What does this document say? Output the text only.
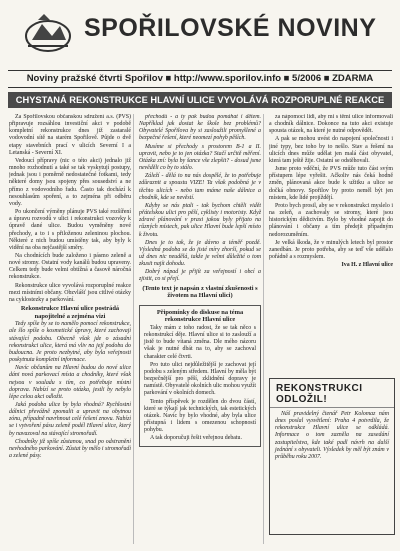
SPOŘILOVSKÉ NOVINY
Noviny pražské čtvrti Spořilov ■ http://www.sporilov.info ■ 5/2006 ■ ZDARMA
CHYSTANÁ REKONSTRUKCE HLAVNÍ ULICE VYVOLÁVÁ ROZPORUPLNÉ REAKCE

Za Spořilovskou občanskou sdružení a.s. (PVS) připravuje rozsáhlou investiční akci v podobě kompletní rekonstrukce dnes již zastaralé vodovodní sítě na starém Spořilově. Půjde o dvě etapy stavebních prací v ulicích Severní I a Letanská - Severní XI.

Vedoucí přípravy (nic o této akci) jednalo již mnoho rozhodnutí a také se tak vyskytují postupy, jednak jsou i poměrně nedostatečné fotkami, tedy některé domy jsou spojeny přes sousedství a ne přímo z vodovodního řadu. Často tak dochází k nesouhlasům spoření, a to zejména při odběru vody.

Po ukončení výměny plánuje PVS také rozšíření a úpravu rozvodů v ulici i rekonstrukci vozovky k úpravě dané ulice. Budou vyměněny nové přechody, a to i s přiloženou zeleninou plochou. Některé z nich budou umístěny tak, aby byly k vidění na oba nejčastější směry.

Na chodnících bude založeno i pásmo zeleně a nové stromy. Ostatní vody kanálů budou upraveny. Celkem tedy bude velmi obtížná a časově náročná rekonstrukce.

Rekonstrukce ulice vyvolává rozporuplné reakce mezi místními občany. Obzvlášť jsou citlivé otázky na cyklostezky a parkování.

Rekonstrukce Hlavní ulice postrádá napojitelné a zejména vizi

Tedy spíše by se to namělo pomocí rekonstrukce, ale šlo spíše o kosmetické úpravy, které zachovají stávající podobu. Obecně však jde o zásadní rekonstrukci ulice, která má vliv na její podobu do budoucna. Je proto nezbytné, aby byla veřejnosti poskytnuta kompletní informace.

Navíc občanům na Hlavní budou do nové ulice dáni nová parkovací místa a chodníky, které však nejsou v souladu s tím, co potřebuje místní doprava. Nabízí se proto otázka, jestli by nebylo lépe celou akci odložit.

Jaká podoba ulice by byla vhodná? Rychlostní dálnici převážně zpomalit a upravit na obytnou zónu, případně navrhnout celé řešení znovu. Nabízí se i vytvoření pásu zeleně podél Hlavní ulice, který by navazoval na stávající stromořadí.

Chodníky již spíše zůstanou, snad po odstranění nevhodného parkování. Zůstat by mělo i stromořadí a zelené pásy.

přechodů - a ty pak budou pomáhat i dětem. Například jak dostat ke škole bez problémů? Obyvatelé Spořilova by si zasloužili promyšlené a bezpečné řešení, které neomezí pohyb pěších.

Musíme si přechody s prostorem B-1 a II. upravit, nebo je to jen otázka? Stačí určitě měření. Otázka zní: byla by šance vše zlepšit? - dosud jsme nevěděli co by to stálo.

Záleží - dělá to na nás dospělé, že to potřebuje zdůraznit a spoustu VIZE! Ta však podobná je v těchto ulicích - nebo tam máme naše dálnice a chodník, kde se nevěstí.

Kdyby se nás ptali - tak bychom chtěli vidět přátelskou ulici pro pěší, cyklisty i motoristy. Když zdravé plánování v praxi jakou byly přijato na různých místech, pak ulice Hlavní bude lepší místo k životu.

Dnes je to tak, že je dávno a téměř pozdě. Výsledná podoba se do jisté míry zhorší, pokud se už dnes nic neudělá, takže je velmi důležité o tom zkusit najít dohodu.

Dobrý nápad je přijít za veřejností i obcí a zjistit, co si přejí.

(Tento text je napsán z vlastní zkušenosti s životem na Hlavní ulici)

Připomínky do diskuse na téma rekonstrukce Hlavní ulice

Taky mám z toho radost, že se tak něco s rekonstrukcí děje. Hlavní ulice si to zaslouží a jistě to bude vítaná změna. Dle mého názoru však je nutné dbát na to, aby se zachoval charakter celé čtvrti.

Pro tuto ulici nejdůležitější je zachovat její podobu s zeleným středem. Hlavní by měla být bezpečnější pro pěší, zklidnění dopravy je namístě. Obyvatelé okolních ulic mohou využít parkování v okolních domech.

Tento příspěvek je rozdělen do dvou částí, které se týkají jak technických, tak estetických otázek. Navíc by bylo vhodné, aby byla ulice přístupná i lidem s omezenou schopností pohybu.

A tak doporučuji řešit veřejnou debatu.

za nápomoci lidi, aby mi s těmi ulice informovali a chodník dálnice. Dokonce na tuto akci existuje spousta otázek, na které je nutné odpovědět.

A pak se mohou uvést do napojení společnosti i jiné typy, bez toho by to nešlo. Stav a řešení na ulicích dnes může udělat jen malá část obyvatel, která tam ještě žije. Ostatní se odstěhovali.

Jsme proto vděční, že PVS může tuto část svým přístupem lépe vyřešit. Ačkoliv nás čeká hodně změn, plánovaná akce bude k užitku a ulice se dočká obnovy. Spořilov by proto neměl být jen místem, kde lidé projíždějí.

Proto bych prosil, aby se v rekonstrukci myslelo i na zeleň, a zachovaly se stromy, které jsou historickým dědictvím. Bylo by vhodné zapojit do plánování i občany a tím předejít případným nedorozuměním.

Je velká škoda, že v minulých letech byl prostor zanedbán. Je proto potřeba, aby se teď vše udělalo pořádně a s rozmyslem.

Iva H. z Hlavní ulice

REKONSTRUKCI ODLOŽIL!
Náš pravidelný čtenář Petr Kolomaz nám dnes poslal vysvětlení: Praha 4 potvrdila, že rekonstrukce Hlavní ulice se odkládá. Informace o tom zazněla na zasedání zastupitelstva, kde také padl návrh na další jednání s obyvateli. Výsledek by měl být znám v průběhu roku 2007.
